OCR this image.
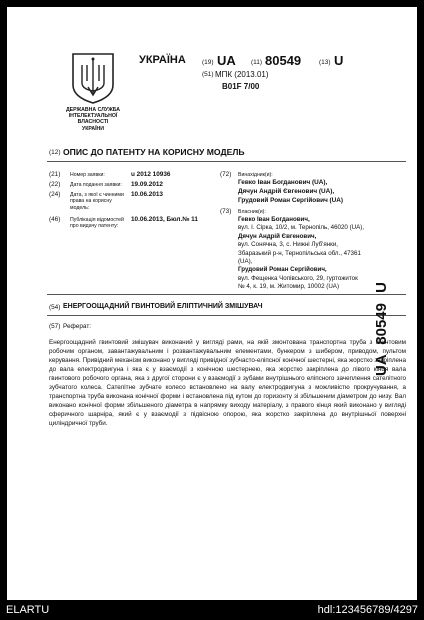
ДЕРЖАВНА СЛУЖБА
ІНТЕЛЕКТУАЛЬНОЇ
ВЛАСНОСТІ
УКРАЇНИ
УКРАЇНА (19) UA (11) 80549	(13) U
(51) МПК (2013.01)
B01F 7/00
(12) ОПИС ДО ПАТЕНТУ НА КОРИСНУ МОДЕЛЬ
(21) Номер заявки:	u 2012 10936
(22) Дата подання заявки: 19.09.2012
(24) Дата, з якої є чинними права на корисну модель:
10.06.2013
(46) Публікація відомостей про видачу патенту:
10.06.2013, Бюл.№ 11
(72) Винахідник(и):
Гевко Іван Богданович (UA),
Дячун Андрій Євгенович (UA),
Грудовий Роман Сергійович (UA)
(73) Власник(и):
Гевко Іван Богданович,
вул. І. Сірка, 10/2, м. Тернопіль, 46020 (UA),
Дячун Андрій Євгенович,
вул. Сонячна, 3, с. Нижні Луб'янки,
Збаразький р-н, Тернопільська обл., 47361
(UA),
Грудовий Роман Сергійович,
вул. Фещенка Чопівського, 29, гуртожиток
№ 4, к. 19, м. Житомир, 10002 (UA)
(54) ЕНЕРГООЩАДНИЙ ГВИНТОВИЙ ЕЛІПТИЧНИЙ ЗМІШУВАЧ
(57) Реферат:
Енергоощадний гвинтовий змішувач виконаний у вигляді рами, на якій змонтована транспортна труба з гвинтовим робочим органом, завантажувальним і розвантажувальним елементами, бункером з шибером, приводом, пультом керування. Привідний механізм виконано у вигляді привідної зубчасто-еліпсної конічної шестерні, яка жорстко закріплена до вала електродвигуна і яка є у взаємодії з конічною шестернею, яка жорстко закріплена до лівого кінця вала гвинтового робочого органа, яка з другої сторони є у взаємодії з зубами внутрішнього еліпсного зачеплення сателітного зубчатого колеса. Сателітне зубчате колесо встановлено на валу електродвигуна з можливістю прокручування, а транспортна труба виконана конічної форми і встановлена під кутом до горизонту зі збільшеним діаметром до низу. Вал виконано конічної форми збільшеного діаметра в напрямку виходу матеріалу, з правого кінця який виконано у вигляді сферичного шарніра, який є у взаємодії з підвісною опорою, яка жорстко закріплена до внутрішньої поверхні циліндричної труби.
UA 80549 U
ELARTU	hdl:123456789/4297
